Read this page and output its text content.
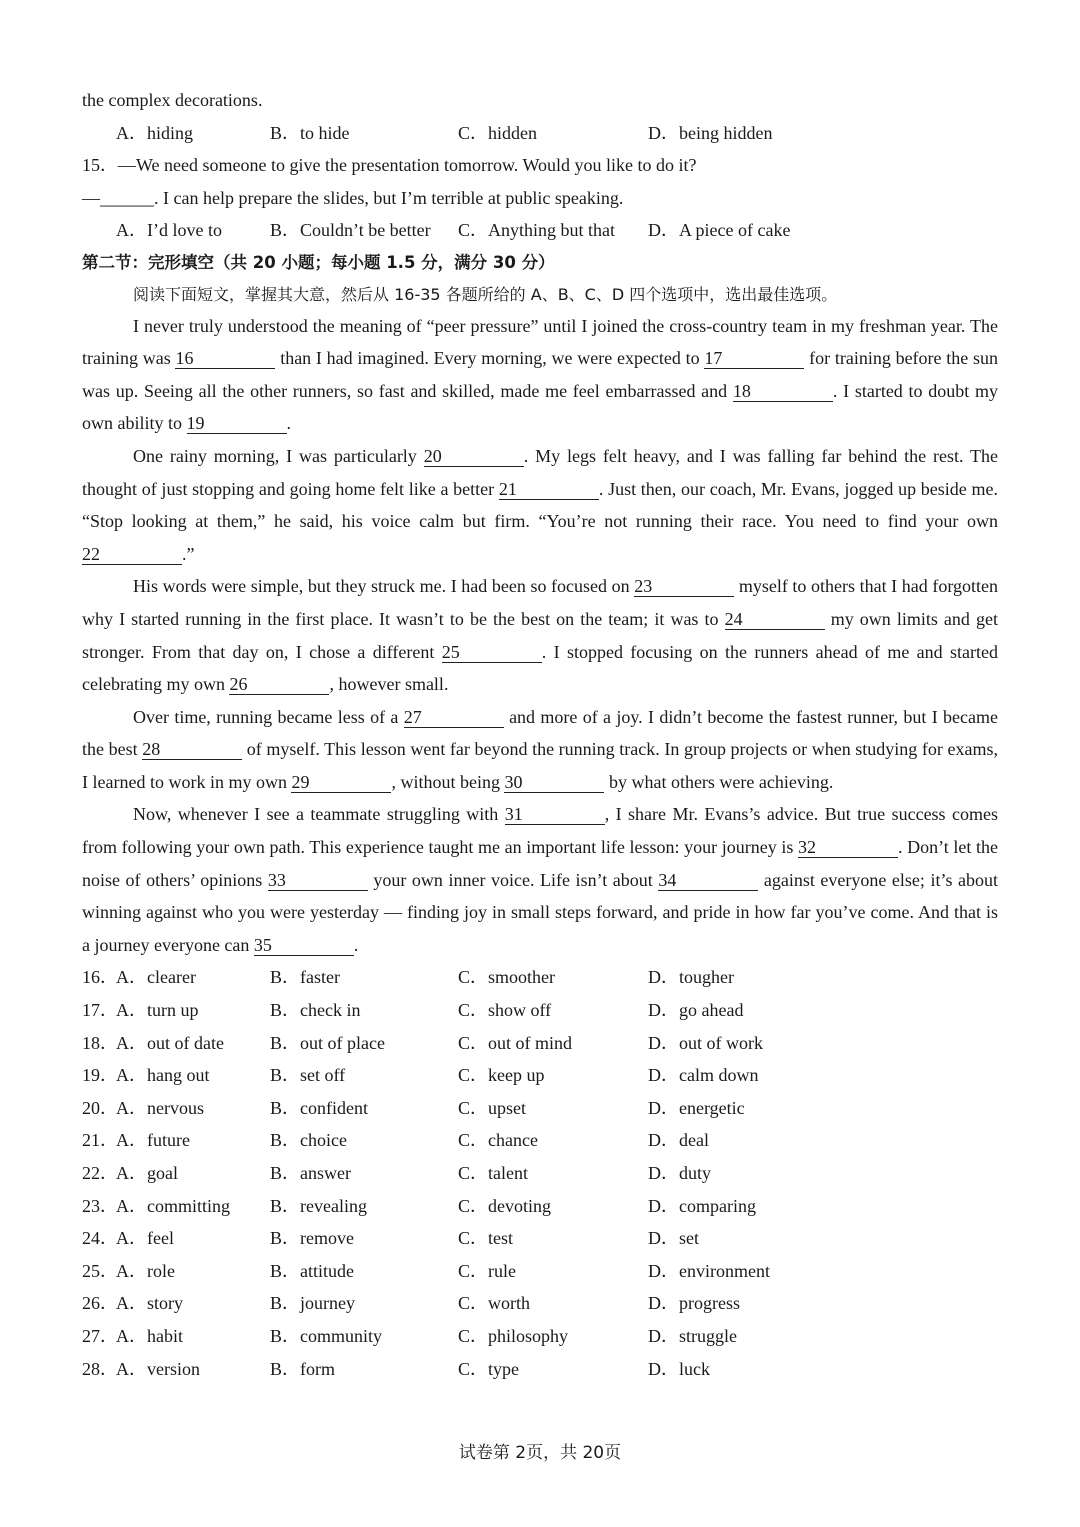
the complex decorations.
A．hiding	B．to hide	C．hidden	D．being hidden
15．—We need someone to give the presentation tomorrow. Would you like to do it?
—______. I can help prepare the slides, but I’m terrible at public speaking.
A．I’d love to	B．Couldn’t be better C．Anything but that D．A piece of cake
第二节：完形填空（共 20 小题；每小题 1.5 分，满分 30 分）
阅读下面短文，掌握其大意，然后从 16-35 各题所给的 A、B、C、D 四个选项中，选出最佳选项。

I never truly understood the meaning of “peer pressure” until I joined the cross-country team in my freshman year. The training was 16	than I had imagined. Every morning, we were expected to 17	for training before the sun was up. Seeing all the other runners, so fast and skilled, made me feel embarrassed and 18	. I started to doubt my own ability to 19	.

One rainy morning, I was particularly 20	. My legs felt heavy, and I was falling far behind the rest. The thought of just stopping and going home felt like a better 21	. Just then, our coach, Mr. Evans, jogged up beside me. “Stop looking at them,” he said, his voice calm but firm. “You’re not running their race. You need to find your own 22	.”

His words were simple, but they struck me. I had been so focused on 23	myself to others that I had forgotten why I started running in the first place. It wasn’t to be the best on the team; it was to 24	my own limits and get stronger. From that day on, I chose a different 25	. I stopped focusing on the runners ahead of me and started celebrating my own 26	, however small.

Over time, running became less of a 27	and more of a joy. I didn’t become the fastest runner, but I became the best 28	of myself. This lesson went far beyond the running track. In group projects or when studying for exams, I learned to work in my own 29	, without being 30	by what others were achieving.

Now, whenever I see a teammate struggling with 31	, I share Mr. Evans’s advice. But true success comes from following your own path. This experience taught me an important life lesson: your journey is 32	. Don’t let the noise of others’ opinions 33	your own inner voice. Life isn’t about 34	against everyone else; it’s about winning against who you were yesterday — finding joy in small steps forward, and pride in how far you’ve come. And that is a journey everyone can 35	.

16．
A．clearer	B．faster	C．smoother	D．tougher
17．
A．turn up	B．check in	C．show off	D．go ahead
18．
A．out of date	B．out of place	C．out of mind	D．out of work
19．
A．hang out	B．set off	C．keep up	D．calm down
20．
A．nervous	B．confident	C．upset	D．energetic
21．
A．future	B．choice	C．chance	D．deal
22．
A．goal	B．answer	C．talent	D．duty
23．
A．committing B．revealing	C．devoting	D．comparing
24．
A．feel	B．remove	C．test	D．set
25．
A．role	B．attitude	C．rule	D．environment
26．
A．story	B．journey	C．worth	D．progress
27．
A．habit	B．community	C．philosophy	D．struggle
28．
A．version	B．form	C．type	D．luck
试卷第 2页，共 20页
